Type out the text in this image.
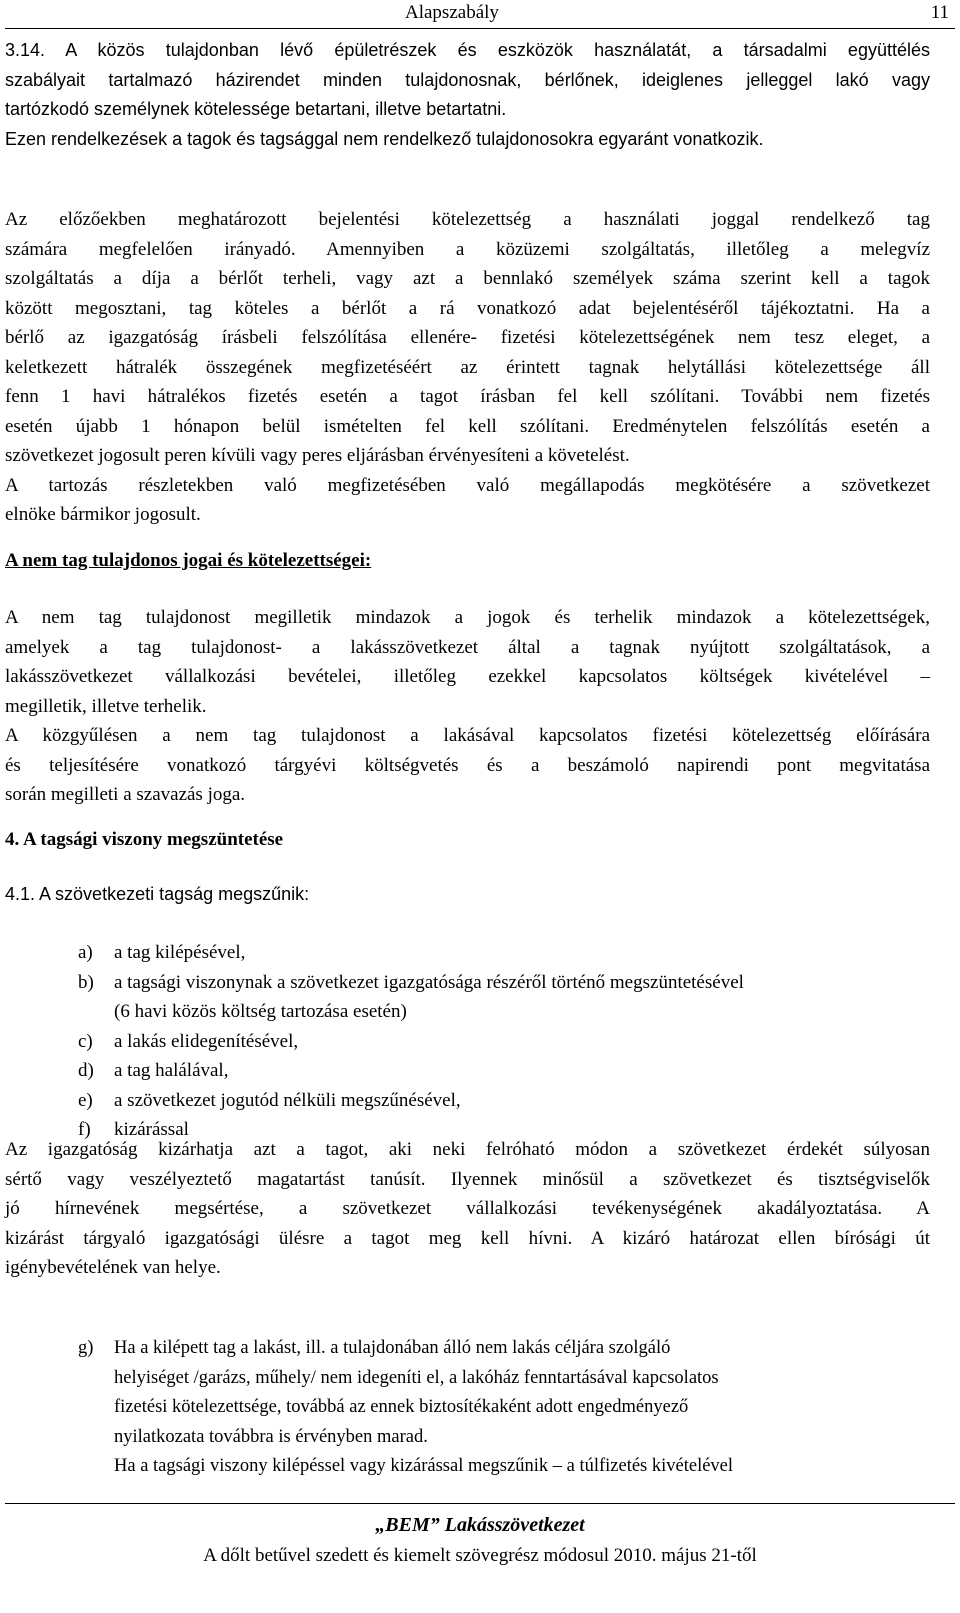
Alapszabály	11
3.14. A közös tulajdonban lévő épületrészek és eszközök használatát, a társadalmi együttélés
szabályait tartalmazó házirendet minden tulajdonosnak, bérlőnek, ideiglenes jelleggel lakó vagy
tartózkodó személynek kötelessége betartani, illetve betartatni.
Ezen rendelkezések a tagok és tagsággal nem rendelkező tulajdonosokra egyaránt vonatkozik.
Az előzőekben meghatározott bejelentési kötelezettség a használati joggal rendelkező tag
számára megfelelően irányadó. Amennyiben a közüzemi szolgáltatás, illetőleg a melegvíz
szolgáltatás a díja a bérlőt terheli, vagy azt a bennlakó személyek száma szerint kell a tagok
között megosztani, tag köteles a bérlőt a rá vonatkozó adat bejelentéséről tájékoztatni. Ha a
bérlő az igazgatóság írásbeli felszólítása ellenére- fizetési kötelezettségének nem tesz eleget, a
keletkezett hátralék összegének megfizetéséért az érintett tagnak helytállási kötelezettsége áll
fenn 1 havi hátralékos fizetés esetén a tagot írásban fel kell szólítani. További nem fizetés
esetén újabb 1 hónapon belül ismételten fel kell szólítani. Eredménytelen felszólítás esetén a
szövetkezet jogosult peren kívüli vagy peres eljárásban érvényesíteni a követelést.
A tartozás részletekben való megfizetésében való megállapodás megkötésére a szövetkezet
elnöke bármikor jogosult.

A nem tag tulajdonos jogai és kötelezettségei:

A nem tag tulajdonost megilletik mindazok a jogok és terhelik mindazok a kötelezettségek,
amelyek a tag tulajdonost- a lakásszövetkezet által a tagnak nyújtott szolgáltatások, a
lakásszövetkezet vállalkozási bevételei, illetőleg ezekkel kapcsolatos költségek kivételével –
megilletik, illetve terhelik.
A közgyűlésen a nem tag tulajdonost a lakásával kapcsolatos fizetési kötelezettség előírására
és teljesítésére vonatkozó tárgyévi költségvetés és a beszámoló napirendi pont megvitatása
során megilleti a szavazás joga.

4. A tagsági viszony megszüntetése

4.1. A szövetkezeti tagság megszűnik:

a)	a tag kilépésével,
b)	a tagsági viszonynak a szövetkezet igazgatósága részéről történő megszüntetésével
(6 havi közös költség tartozása esetén)
c)	a lakás elidegenítésével,
d)	a tag halálával,
e)	a szövetkezet jogutód nélküli megszűnésével,
f)	kizárással
Az igazgatóság kizárhatja azt a tagot, aki neki felróható módon a szövetkezet érdekét súlyosan
sértő vagy veszélyeztető magatartást tanúsít. Ilyennek minősül a szövetkezet és tisztségviselők
jó hírnevének megsértése, a szövetkezet vállalkozási tevékenységének akadályoztatása. A
kizárást tárgyaló igazgatósági ülésre a tagot meg kell hívni. A kizáró határozat ellen bírósági út
igénybevételének van helye.
g)	Ha a kilépett tag a lakást, ill. a tulajdonában álló nem lakás céljára szolgáló
helyiséget /garázs, műhely/ nem idegeníti el, a lakóház fenntartásával kapcsolatos
fizetési kötelezettsége, továbbá az ennek biztosítékaként adott engedményező
nyilatkozata továbbra is érvényben marad.
Ha a tagsági viszony kilépéssel vagy kizárással megszűnik – a túlfizetés kivételével
„BEM” Lakásszövetkezet
A dőlt betűvel szedett és kiemelt szövegrész módosul 2010. május 21-től
